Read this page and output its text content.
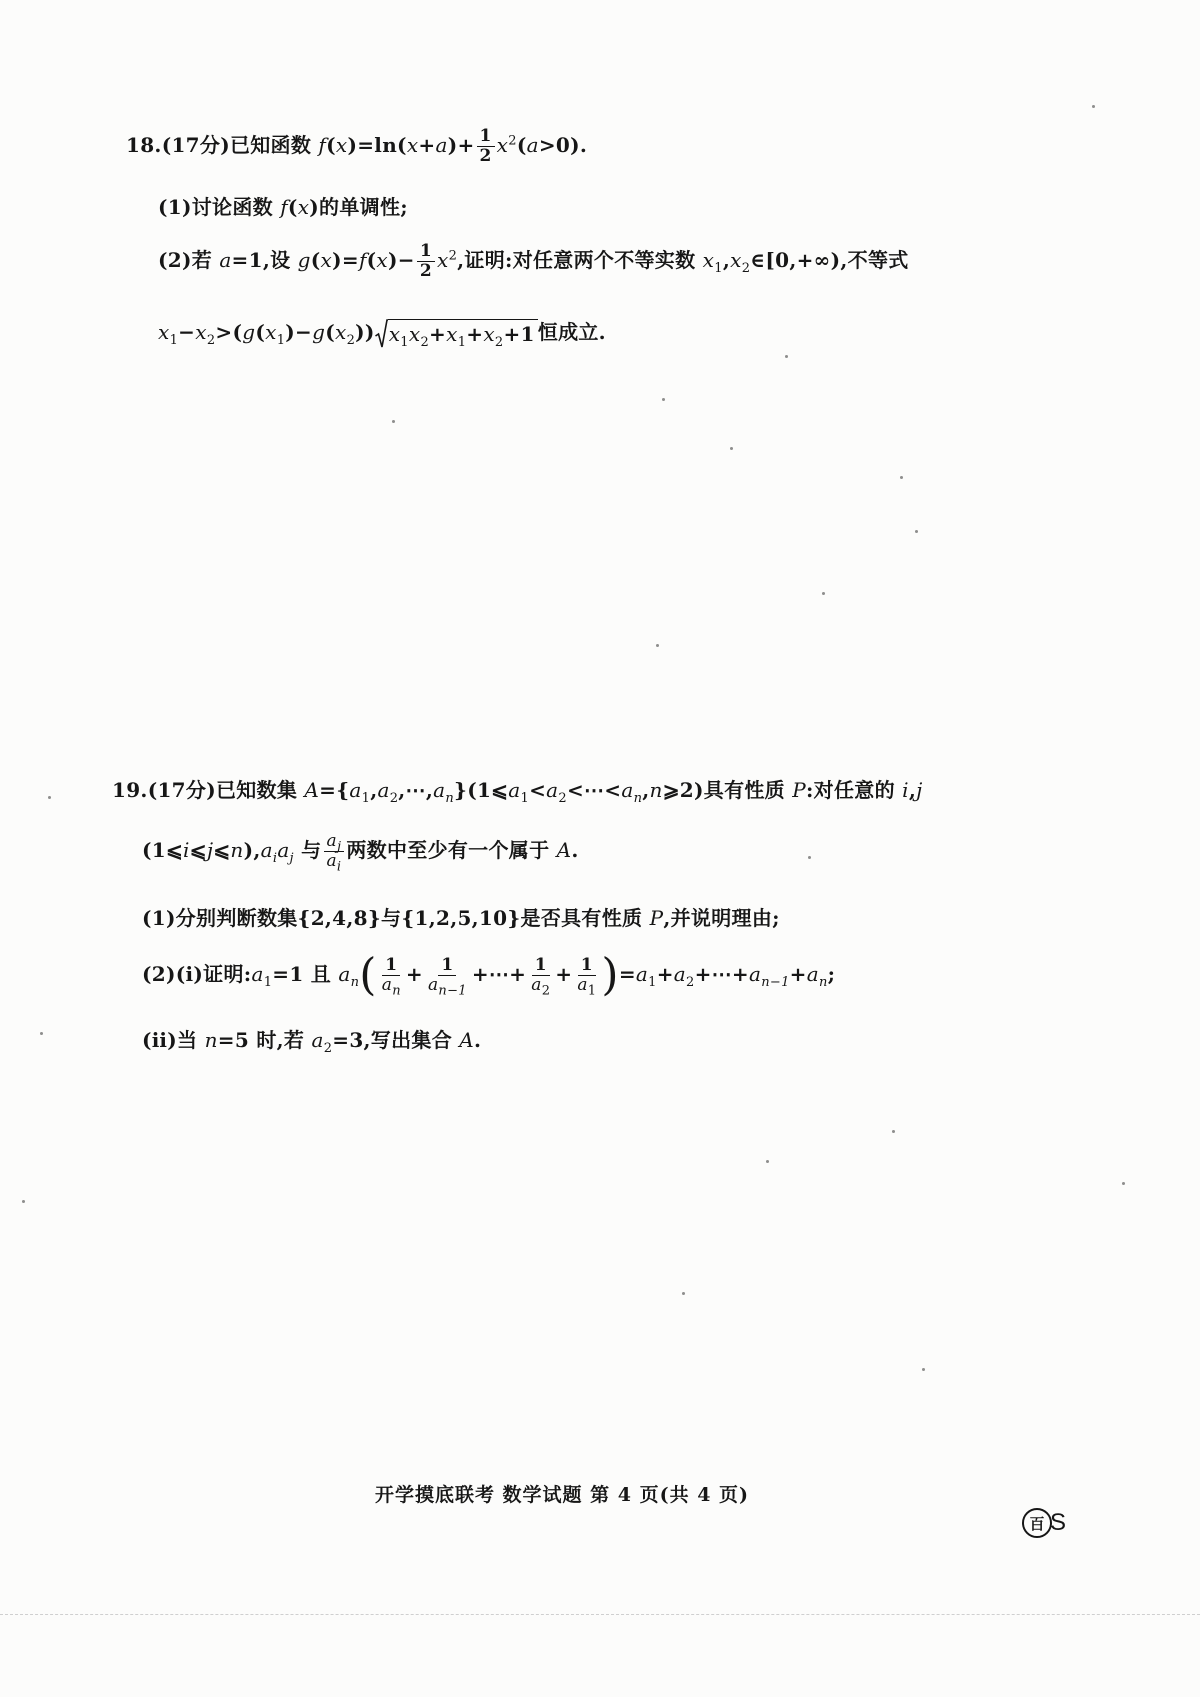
18.(17分)已知函数 $f(x)=\ln(x+a)+ \frac{1}{2} x^2(a>0)$.
(1)讨论函数 f(x)的单调性;
(2)若 a=1,设 $g(x)=f(x)- \frac{1}{2} x^2$,证明:对任意两个不等实数 $x_1,x_2\in[0,+\infty)$,不等式
$x_1-x_2>(g(x_1)-g(x_2))$ $x_1x_2+x_1+x_2+1$ 恒成立.
19.(17分)已知数集 $A=\{a_1,a_2,\cdots,a_n\}(1⩽a_1<a_2<\cdots<a_n,n⩾2)$具有性质 P:对任意的 i,j
$(1⩽i⩽j⩽n),a_ia_j$ 与 $\frac{a_j}{a_i}$ 两数中至少有一个属于 A.
(1)分别判断数集{2,4,8}与{1,2,5,10}是否具有性质 P,并说明理由;
(2)(ⅰ)证明$:a_1=1$ 且 $a_n( \frac{1}{a_n} + \frac{1}{a_{n-1}}$ +⋯+ $\frac{1}{a_2} + \frac{1}{a_1}$ )$=a_1+a_2+\cdots+a_{n-1}+a_n$;
(ⅱ)当 n=5 时,若 $a_2=3$,写出集合 A.
开学摸底联考 数学试题 第 4 页(共 4 页)
百 S
